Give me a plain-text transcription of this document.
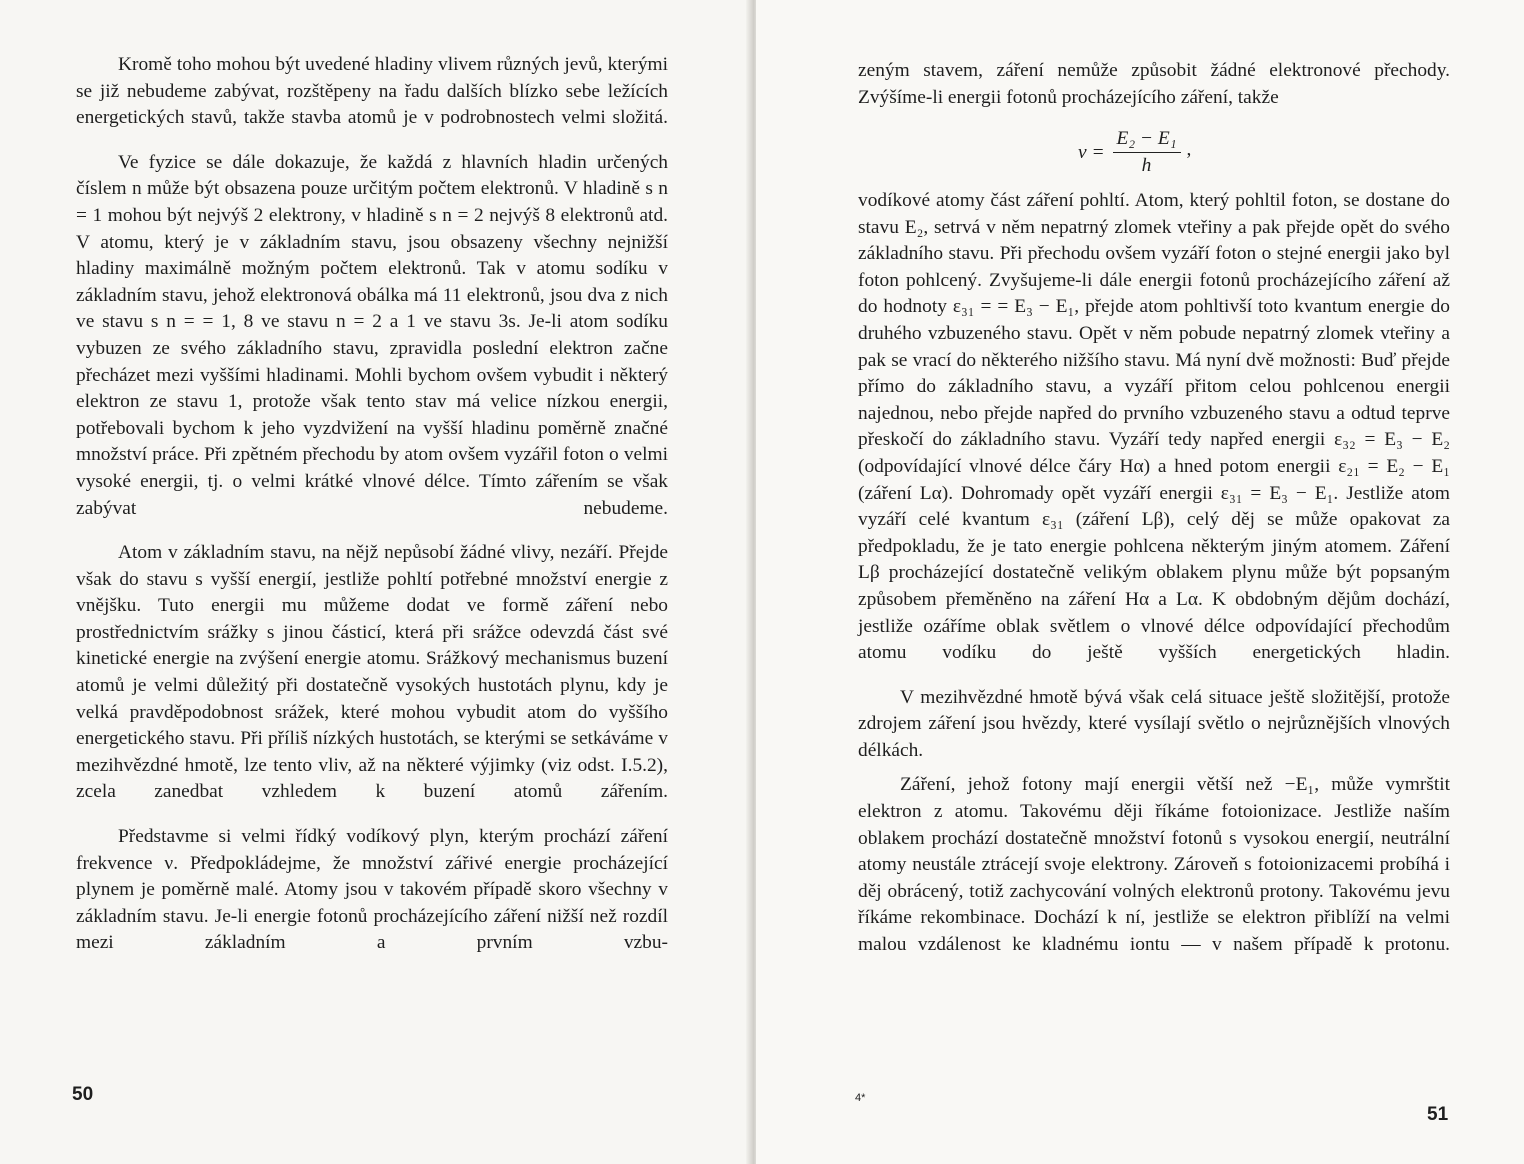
Kromě toho mohou být uvedené hladiny vlivem různých jevů, kterými se již nebudeme zabývat, rozštěpeny na řadu dalších blízko sebe ležících energetických stavů, takže stavba atomů je v podrobnostech velmi složitá.

Ve fyzice se dále dokazuje, že každá z hlavních hladin určených číslem n může být obsazena pouze určitým počtem elektronů. V hladině s n = 1 mohou být nejvýš 2 elektrony, v hladině s n = 2 nejvýš 8 elektronů atd. V atomu, který je v základním stavu, jsou obsazeny všechny nejnižší hladiny maximálně možným počtem elektronů. Tak v atomu sodíku v základním stavu, jehož elektronová obálka má 11 elektronů, jsou dva z nich ve stavu s n = = 1, 8 ve stavu n = 2 a 1 ve stavu 3s. Je-li atom sodíku vybuzen ze svého základního stavu, zpravidla poslední elektron začne přecházet mezi vyššími hladinami. Mohli bychom ovšem vybudit i některý elektron ze stavu 1, protože však tento stav má velice nízkou energii, potřebovali bychom k jeho vyzdvižení na vyšší hladinu poměrně značné množství práce. Při zpětném přechodu by atom ovšem vyzářil foton o velmi vysoké energii, tj. o velmi krátké vlnové délce. Tímto zářením se však zabývat nebudeme.

Atom v základním stavu, na nějž nepůsobí žádné vlivy, nezáří. Přejde však do stavu s vyšší energií, jestliže pohltí potřebné množství energie z vnějšku. Tuto energii mu můžeme dodat ve formě záření nebo prostřednictvím srážky s jinou částicí, která při srážce odevzdá část své kinetické energie na zvýšení energie atomu. Srážkový mechanismus buzení atomů je velmi důležitý při dostatečně vysokých hustotách plynu, kdy je velká pravděpodobnost srážek, které mohou vybudit atom do vyššího energetického stavu. Při příliš nízkých hustotách, se kterými se setkáváme v mezihvězdné hmotě, lze tento vliv, až na některé výjimky (viz odst. I.5.2), zcela zanedbat vzhledem k buzení atomů zářením.

Představme si velmi řídký vodíkový plyn, kterým prochází záření frekvence ν. Předpokládejme, že množství zářivé energie procházející plynem je poměrně malé. Atomy jsou v takovém případě skoro všechny v základním stavu. Je-li energie fotonů procházejícího záření nižší než rozdíl mezi základním a prvním vzbu-

50

zeným stavem, záření nemůže způsobit žádné elektronové přechody. Zvýšíme-li energii fotonů procházejícího záření, takže

$\nu = \frac{\text{E₂ − E₁}}{h}$ ,

vodíkové atomy část záření pohltí. Atom, který pohltil foton, se dostane do stavu E₂, setrvá v něm nepatrný zlomek vteřiny a pak přejde opět do svého základního stavu. Při přechodu ovšem vyzáří foton o stejné energii jako byl foton pohlcený. Zvyšujeme-li dále energii fotonů procházejícího záření až do hodnoty ε₃₁ = = E₃ − E₁, přejde atom pohltivší toto kvantum energie do druhého vzbuzeného stavu. Opět v něm pobude nepatrný zlomek vteřiny a pak se vrací do některého nižšího stavu. Má nyní dvě možnosti: Buď přejde přímo do základního stavu, a vyzáří přitom celou pohlcenou energii najednou, nebo přejde napřed do prvního vzbuzeného stavu a odtud teprve přeskočí do základního stavu. Vyzáří tedy napřed energii ε₃₂ = E₃ − E₂ (odpovídající vlnové délce čáry Hα) a hned potom energii ε₂₁ = E₂ − E₁ (záření Lα). Dohromady opět vyzáří energii ε₃₁ = E₃ − E₁. Jestliže atom vyzáří celé kvantum ε₃₁ (záření Lβ), celý děj se může opakovat za předpokladu, že je tato energie pohlcena některým jiným atomem. Záření Lβ procházející dostatečně velikým oblakem plynu může být popsaným způsobem přeměněno na záření Hα a Lα. K obdobným dějům dochází, jestliže ozáříme oblak světlem o vlnové délce odpovídající přechodům atomu vodíku do ještě vyšších energetických hladin.

V mezihvězdné hmotě bývá však celá situace ještě složitější, protože zdrojem záření jsou hvězdy, které vysílají světlo o nejrůznějších vlnových délkách.

Záření, jehož fotony mají energii větší než −E₁, může vymrštit elektron z atomu. Takovému ději říkáme fotoionizace. Jestliže naším oblakem prochází dostatečně množství fotonů s vysokou energií, neutrální atomy neustále ztrácejí svoje elektrony. Zároveň s fotoionizacemi probíhá i děj obrácený, totiž zachycování volných elektronů protony. Takovému jevu říkáme rekombinace. Dochází k ní, jestliže se elektron přiblíží na velmi malou vzdálenost ke kladnému iontu — v našem případě k protonu.

4*
51
